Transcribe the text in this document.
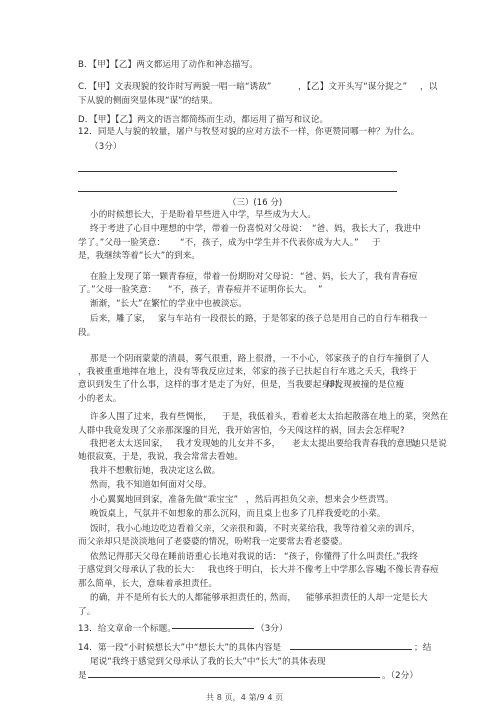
B．【甲】【乙】两文都运用了动作和神态描写。
C．【甲】文表现貌的狡诈时写两貌一唱一暗“诱敌”	，【乙】文开头写“谋分捉之” ，以
下从貌的侧面突显体现“谋”的结果。
D．【甲】【乙】两文的语言都简练而生动，都运用了描写和议论。
12．同是人与貌的较量，屠户与牧竖对貌的应对方法不一样，你更赞同哪一种？为什么。
（3分）
（三）(16 分)
小的时候想长大，于是盼着早些进入中学，早些成为大人。
终于考进了心目中理想的中学，带着一份喜悦对父母说： “爸、妈，我长大了，我进中
学了。”父母一脸笑意： “不，孩子，成为中学生并不代表你成为大人。” 于
是，我继续等着“长大”的到来。
在脸上发现了第一颗青春痘，带着一份期盼对父母说： “爸、妈，长大了，我有青春痘
了。”父母一脸笑意： “不，孩子，青春痘并不证明你长大。 ”
渐渐，“长大”在繁忙的学业中也被淡忘。
后来，雕了家， 家与车站有一段很长的路， 于是邻家的孩子总是用自己的自行车稍我一
段。
那是一个阴雨蒙蒙的清晨，雾气很重，路上很滑，一不小心，邻家孩子的自行车撞倒了人
，我被重重地摔在地上，没有等我反应过来，邻家的孩子已扶起自行车逃之夭夭，我终于
意识到发生了什么事，这样的事才是走了为好，但是，当我要起身时，
却发现被撞的是位瘦
小的老太。
许多人围了过来，我有些惆怅， 于是，我低着头，看着老太太抬起散落在地上的菜，突然在
人群中我竟发现了父亲那深邃的目光，我开始害怕，今天闯这样的祸，回去会怎样呢 ?
我把老太太送回家， 我才发现她的儿女并不多， 老太太提出要给我青春我的意思，
她只是说
她很寂寞，于是，我说，我会常常去看她。
我并不想敷衍她，我决定这么做。
然而，我不知道如何面对父母。
小心翼翼地回到家，准备先做“乖宝宝” ，然后再担负父亲，想来会少些责骂。
晚饭桌上，气氛并不如想象的那么沉闷，而且桌上也多了几样我爱吃的小菜。
饭时，我小心地边吃边看着父亲，父亲很和蔼，不时夹菜给我，我等待着父亲的训斥，
而父亲却只是淡淡地问了老婆婆的情况，吩咐我一定要常去看老婆婆。
依然记得那天父母在睡前语重心长地对我说的话： “孩子，你懂得了什么叫责任。
”我终
于感觉到父母承认了我的长大： 我也终于明白， 长大并不像考上中学那么容易，
也不像长青春痘
那么简单，长大，意味着承担责任。
的确，并不是所有长大的人都能够承担责任的，
然而， 能够承担责任的人却一定是长大
了。
13．给文章命一个标题。	（3分）
14．第一段“小时候想长大”中“想长大”的具体内容是	；结
尾说“我终于感觉到父母承认了我的长大”中“长大”的具体表现
是	。（2分）
共 8 页，4 第/9 4 页
